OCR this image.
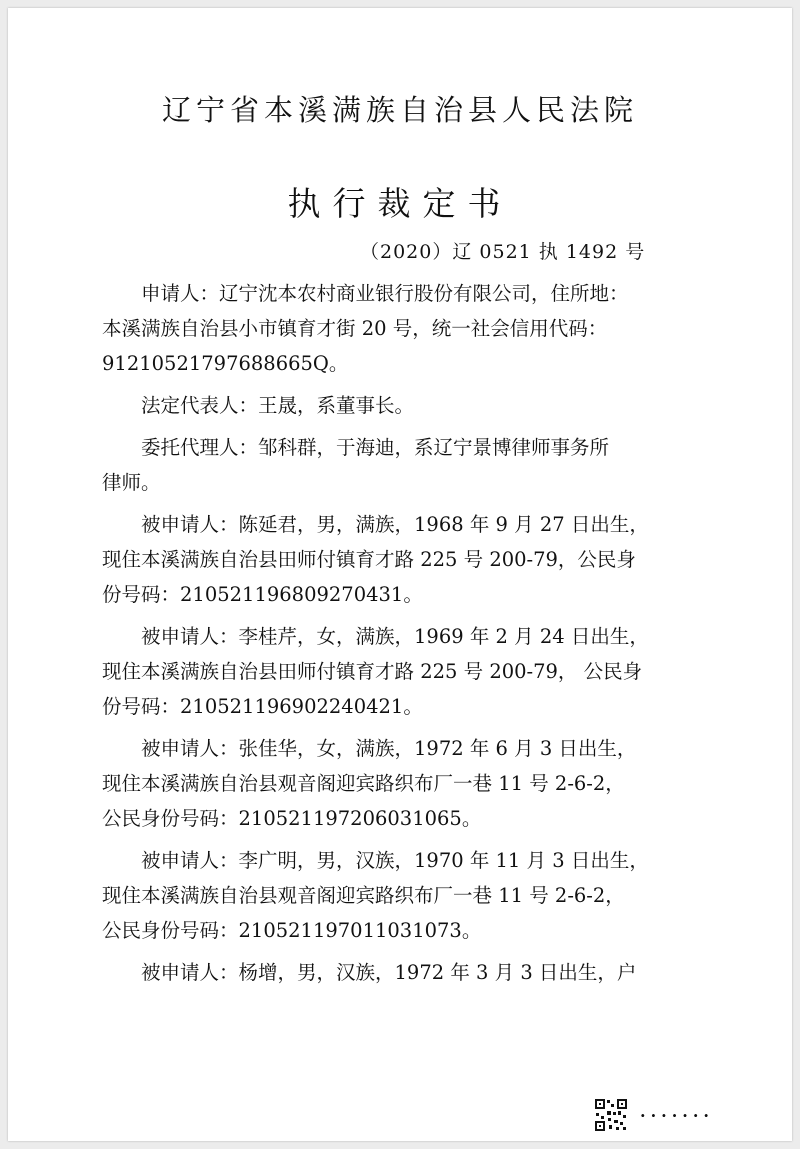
辽宁省本溪满族自治县人民法院
执行裁定书
（2020）辽 0521 执 1492 号

申请人：辽宁沈本农村商业银行股份有限公司，住所地：
本溪满族自治县小市镇育才街 20 号，统一社会信用代码：
91210521797688665Q。

法定代表人：王晟，系董事长。

委托代理人：邹科群，于海迪，系辽宁景博律师事务所
律师。

被申请人：陈延君，男，满族，1968 年 9 月 27 日出生，
现住本溪满族自治县田师付镇育才路 225 号 200-79，公民身
份号码：210521196809270431。

被申请人：李桂芹，女，满族，1969 年 2 月 24 日出生，
现住本溪满族自治县田师付镇育才路 225 号 200-79， 公民身
份号码：210521196902240421。

被申请人：张佳华，女，满族，1972 年 6 月 3 日出生，
现住本溪满族自治县观音阁迎宾路织布厂一巷 11 号 2-6-2，
公民身份号码：210521197206031065。

被申请人：李广明，男，汉族，1970 年 11 月 3 日出生，
现住本溪满族自治县观音阁迎宾路织布厂一巷 11 号 2-6-2，
公民身份号码：210521197011031073。

被申请人：杨增，男，汉族，1972 年 3 月 3 日出生，户

·······
